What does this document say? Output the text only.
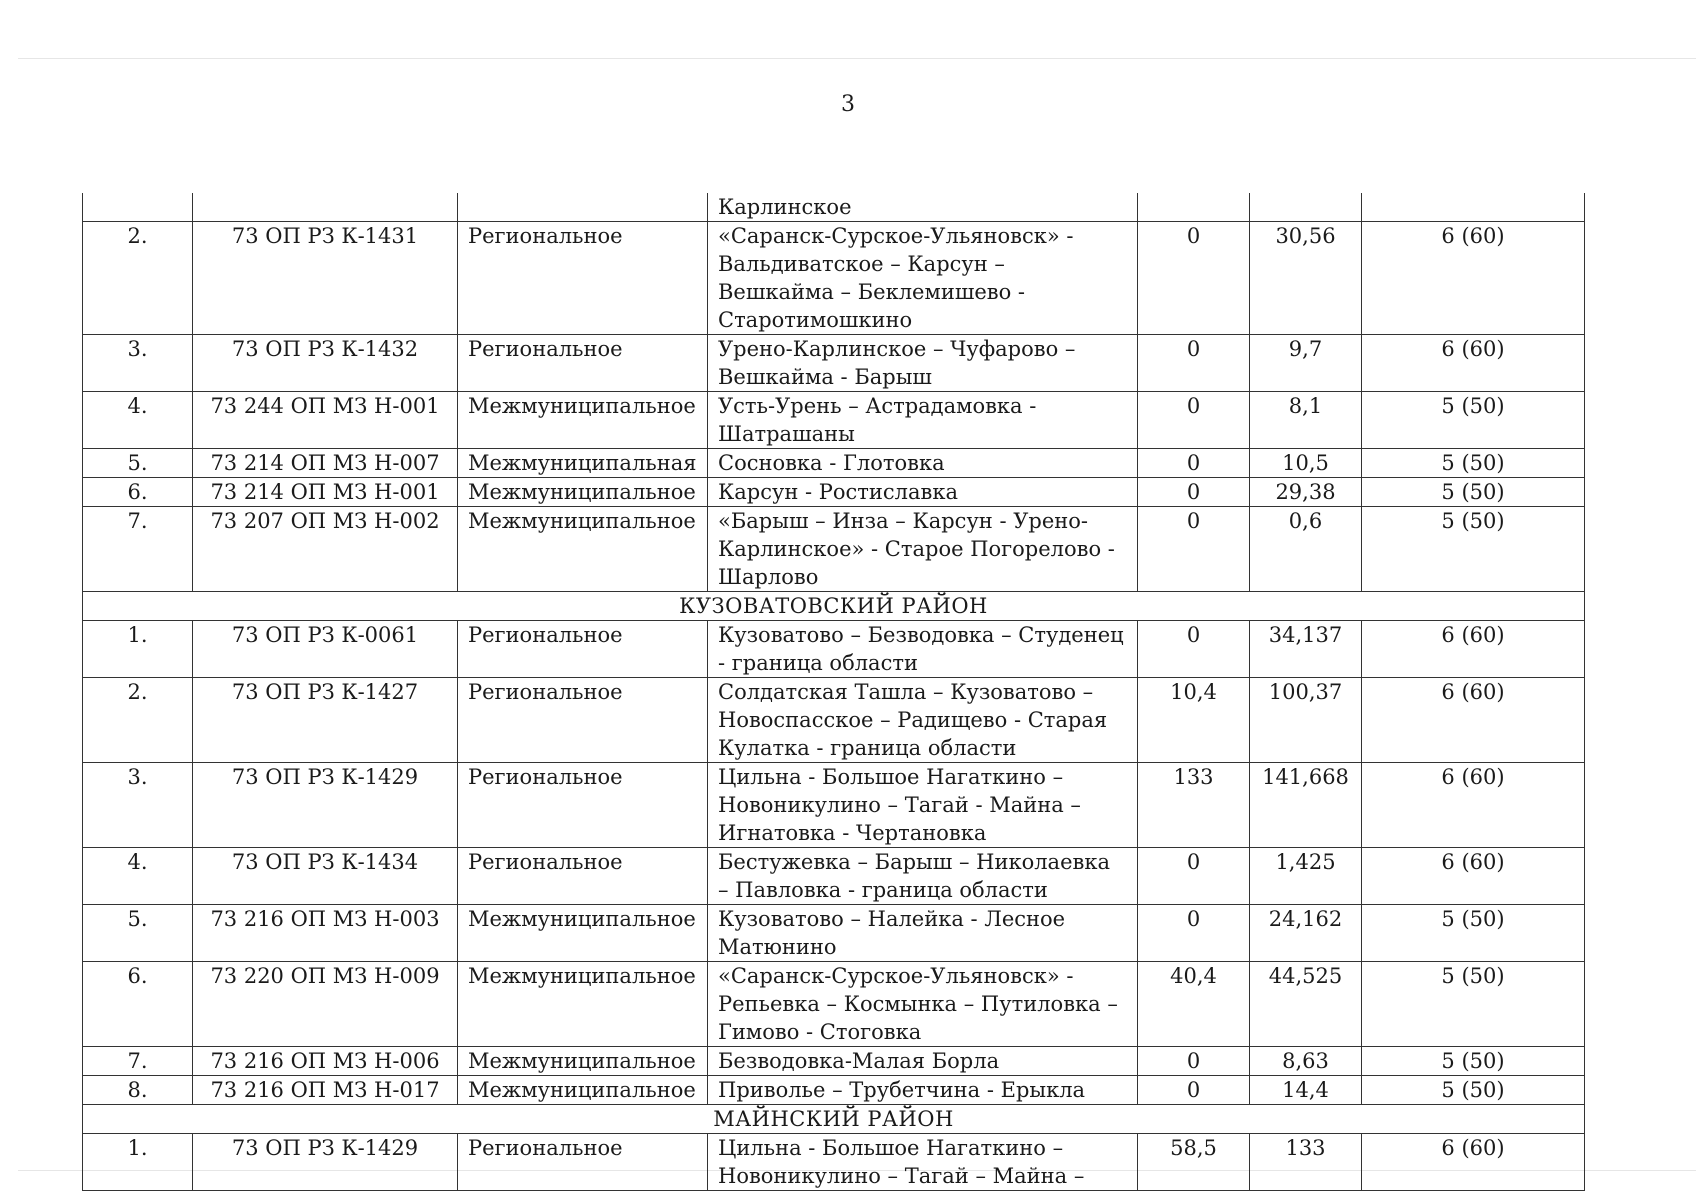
3
			Карлинское			
2.	73 ОП РЗ К-1431	Региональное	«Саранск-Сурское-Ульяновск» - Вальдиватское – Карсун – Вешкайма – Беклемишево - Старотимошкино	0	30,56	6 (60)
3.	73 ОП РЗ К-1432	Региональное	Урено-Карлинское – Чуфарово – Вешкайма - Барыш	0	9,7	6 (60)
4.	73 244 ОП МЗ Н-001	Межмуниципальное	Усть-Урень – Астрадамовка - Шатрашаны	0	8,1	5 (50)
5.	73 214 ОП МЗ Н-007	Межмуниципальная	Сосновка - Глотовка	0	10,5	5 (50)
6.	73 214 ОП МЗ Н-001	Межмуниципальное	Карсун - Ростиславка	0	29,38	5 (50)
7.	73 207 ОП МЗ Н-002	Межмуниципальное	«Барыш – Инза – Карсун - Урено-Карлинское» - Старое Погорелово - Шарлово	0	0,6	5 (50)
КУЗОВАТОВСКИЙ РАЙОН						
1.	73 ОП РЗ К-0061	Региональное	Кузоватово – Безводовка – Студенец - граница области	0	34,137	6 (60)
2.	73 ОП РЗ К-1427	Региональное	Солдатская Ташла – Кузоватово – Новоспасское – Радищево - Старая Кулатка - граница области	10,4	100,37	6 (60)
3.	73 ОП РЗ К-1429	Региональное	Цильна - Большое Нагаткино – Новоникулино – Тагай - Майна – Игнатовка - Чертановка	133	141,668	6 (60)
4.	73 ОП РЗ К-1434	Региональное	Бестужевка – Барыш – Николаевка – Павловка - граница области	0	1,425	6 (60)
5.	73 216 ОП МЗ Н-003	Межмуниципальное	Кузоватово – Налейка - Лесное Матюнино	0	24,162	5 (50)
6.	73 220 ОП МЗ Н-009	Межмуниципальное	«Саранск-Сурское-Ульяновск» - Репьевка – Космынка – Путиловка – Гимово - Стоговка	40,4	44,525	5 (50)
7.	73 216 ОП МЗ Н-006	Межмуниципальное	Безводовка-Малая Борла	0	8,63	5 (50)
8.	73 216 ОП МЗ Н-017	Межмуниципальное	Приволье – Трубетчина - Ерыкла	0	14,4	5 (50)
МАЙНСКИЙ РАЙОН						
1.	73 ОП РЗ К-1429	Региональное	Цильна - Большое Нагаткино – Новоникулино – Тагай – Майна –	58,5	133	6 (60)
